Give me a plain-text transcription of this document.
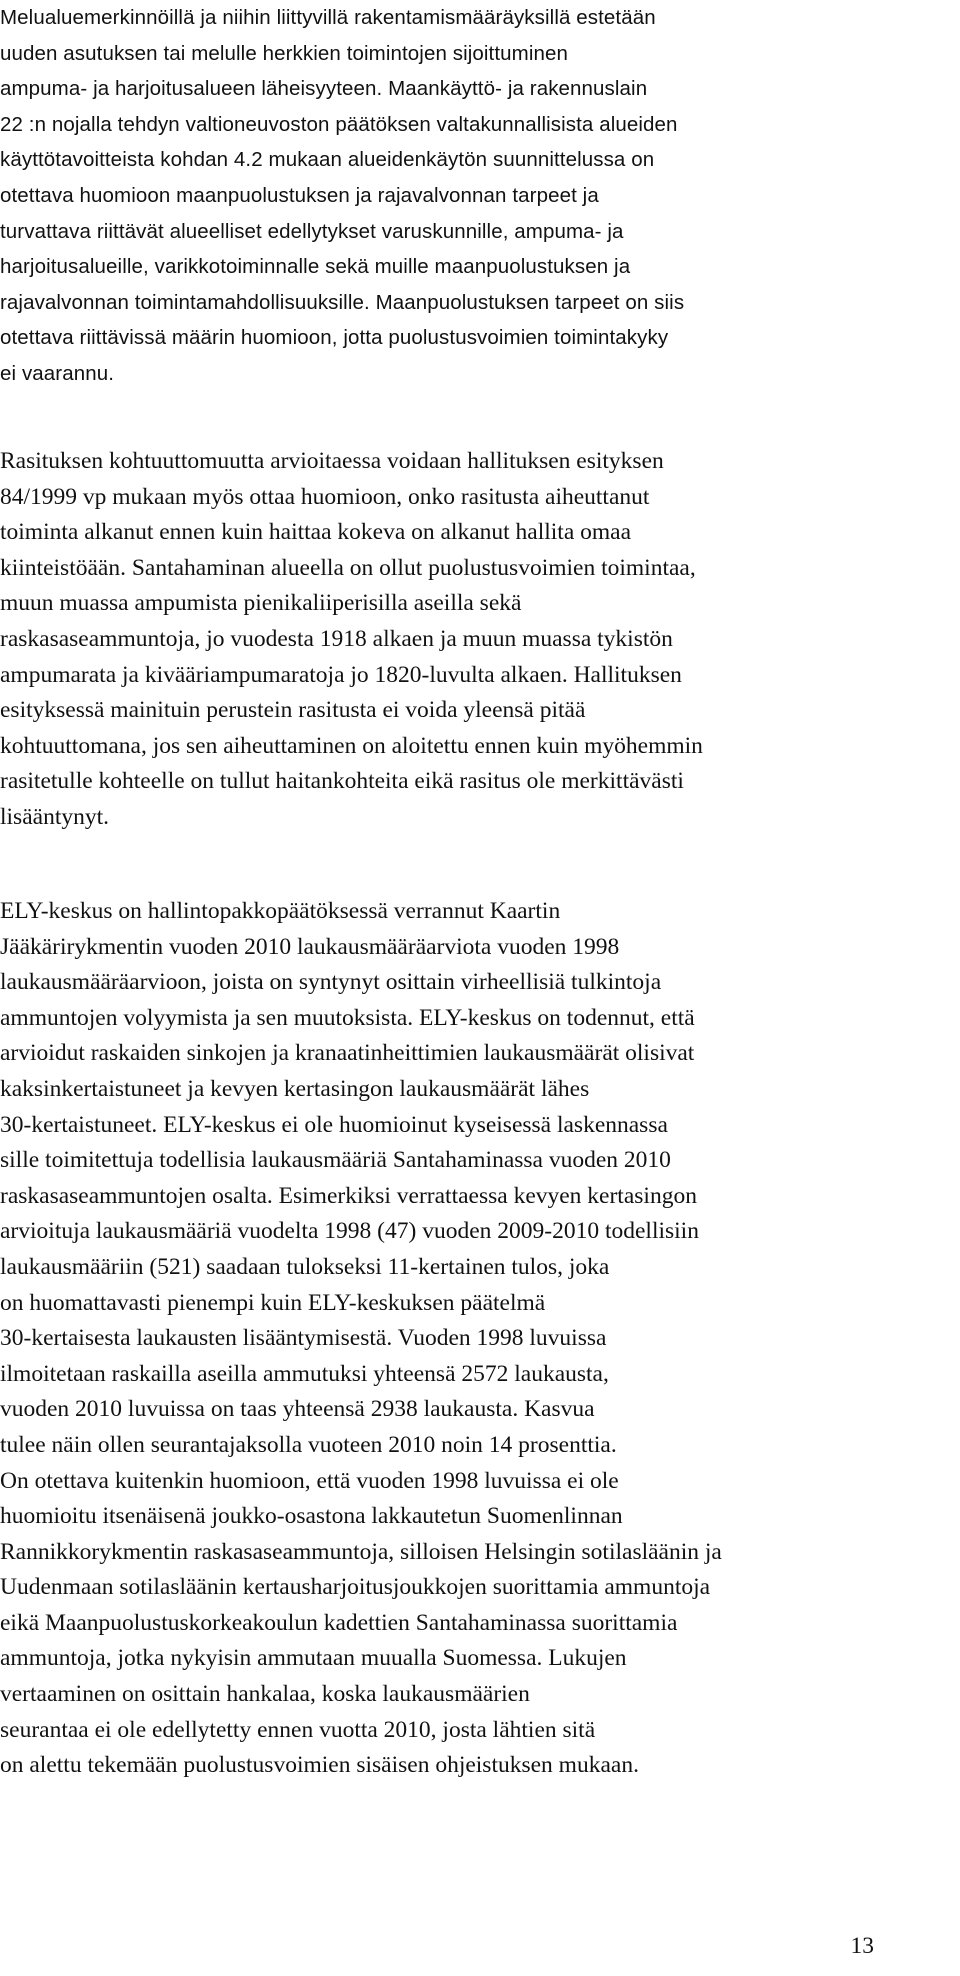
Melualuemerkinnöillä ja niihin liittyvillä rakentamismääräyksillä estetään
uuden asutuksen tai melulle herkkien toimintojen sijoittuminen
ampuma- ja harjoitusalueen läheisyyteen. Maankäyttö- ja rakennuslain
22 :n nojalla tehdyn valtioneuvoston päätöksen valtakunnallisista alueiden
käyttötavoitteista kohdan 4.2 mukaan alueidenkäytön suunnittelussa on
otettava huomioon maanpuolustuksen ja rajavalvonnan tarpeet ja
turvattava riittävät alueelliset edellytykset varuskunnille, ampuma- ja
harjoitusalueille, varikkotoiminnalle sekä muille maanpuolustuksen ja
rajavalvonnan toimintamahdollisuuksille. Maanpuolustuksen tarpeet on siis
otettava riittävissä määrin huomioon, jotta puolustusvoimien toimintakyky
ei vaarannu.
Rasituksen kohtuuttomuutta arvioitaessa voidaan hallituksen esityksen
84/1999 vp mukaan myös ottaa huomioon, onko rasitusta aiheuttanut
toiminta alkanut ennen kuin haittaa kokeva on alkanut hallita omaa
kiinteistöään. Santahaminan alueella on ollut puolustusvoimien toimintaa,
muun muassa ampumista pienikaliiperisilla aseilla sekä
raskasaseammuntoja, jo vuodesta 1918 alkaen ja muun muassa tykistön
ampumarata ja kivääriampumaratoja jo 1820-luvulta alkaen. Hallituksen
esityksessä mainituin perustein rasitusta ei voida yleensä pitää
kohtuuttomana, jos sen aiheuttaminen on aloitettu ennen kuin myöhemmin
rasitetulle kohteelle on tullut haitankohteita eikä rasitus ole merkittävästi
lisääntynyt.
ELY-keskus on hallintopakkopäätöksessä verrannut Kaartin
Jääkärirykmentin vuoden 2010 laukausmääräarviota vuoden 1998
laukausmääräarvioon, joista on syntynyt osittain virheellisiä tulkintoja
ammuntojen volyymista ja sen muutoksista. ELY-keskus on todennut, että
arvioidut raskaiden sinkojen ja kranaatinheittimien laukausmäärät olisivat
kaksinkertaistuneet ja kevyen kertasingon laukausmäärät lähes
30-kertaistuneet. ELY-keskus ei ole huomioinut kyseisessä laskennassa
sille toimitettuja todellisia laukausmääriä Santahaminassa vuoden 2010
raskasaseammuntojen osalta. Esimerkiksi verrattaessa kevyen kertasingon
arvioituja laukausmääriä vuodelta 1998 (47) vuoden 2009-2010 todellisiin
laukausmääriin (521) saadaan tulokseksi 11-kertainen tulos, joka
on huomattavasti pienempi kuin ELY-keskuksen päätelmä
30-kertaisesta laukausten lisääntymisestä. Vuoden 1998 luvuissa
ilmoitetaan raskailla aseilla ammutuksi yhteensä 2572 laukausta,
vuoden 2010 luvuissa on taas yhteensä 2938 laukausta. Kasvua
tulee näin ollen seurantajaksolla vuoteen 2010 noin 14 prosenttia.
On otettava kuitenkin huomioon, että vuoden 1998 luvuissa ei ole
huomioitu itsenäisenä joukko-osastona lakkautetun Suomenlinnan
Rannikkorykmentin raskasaseammuntoja, silloisen Helsingin sotilasläänin ja
Uudenmaan sotilasläänin kertausharjoitusjoukkojen suorittamia ammuntoja
eikä Maanpuolustuskorkeakoulun kadettien Santahaminassa suorittamia
ammuntoja, jotka nykyisin ammutaan muualla Suomessa. Lukujen
vertaaminen on osittain hankalaa, koska laukausmäärien
seurantaa ei ole edellytetty ennen vuotta 2010, josta lähtien sitä
on alettu tekemään puolustusvoimien sisäisen ohjeistuksen mukaan.
13
